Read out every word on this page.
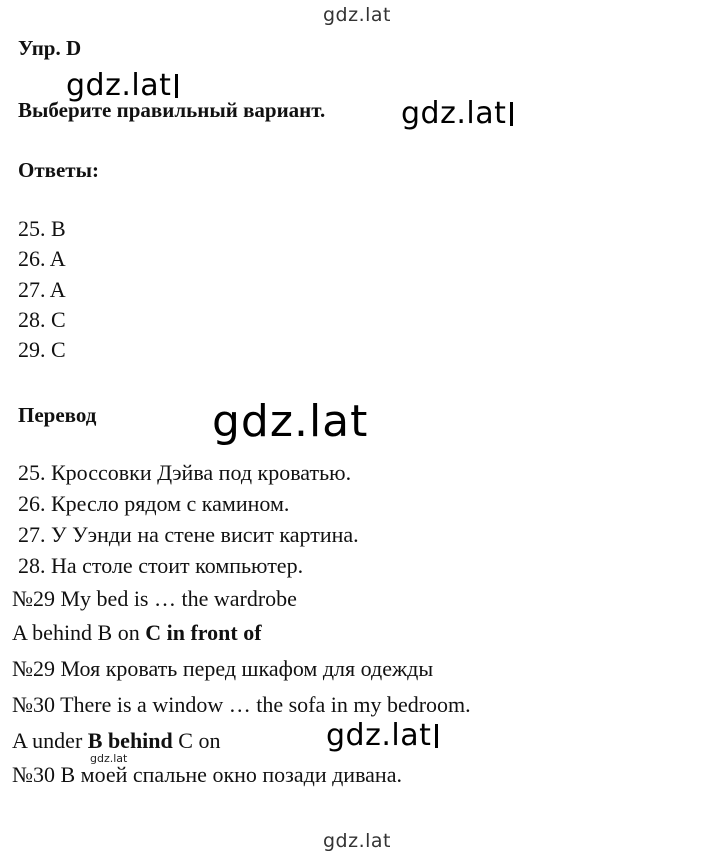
gdz.lat
Упр. D
gdz.lat
Выберите правильный вариант.	gdz.lat
Ответы:
25. B
26. A
27. A
28. C
29. C
Перевод	gdz.lat
25. Кроссовки Дэйва под кроватью.
26. Кресло рядом с камином.
27. У Уэнди на стене висит картина.
28. На столе стоит компьютер.
№29 My bed is … the wardrobe
A behind B on C in front of
№29 Моя кровать перед шкафом для одежды
№30 There is a window … the sofa in my bedroom.
A under B behind C on	gdz.lat
gdz.lat
№30 В моей спальне окно позади дивана.
gdz.lat
